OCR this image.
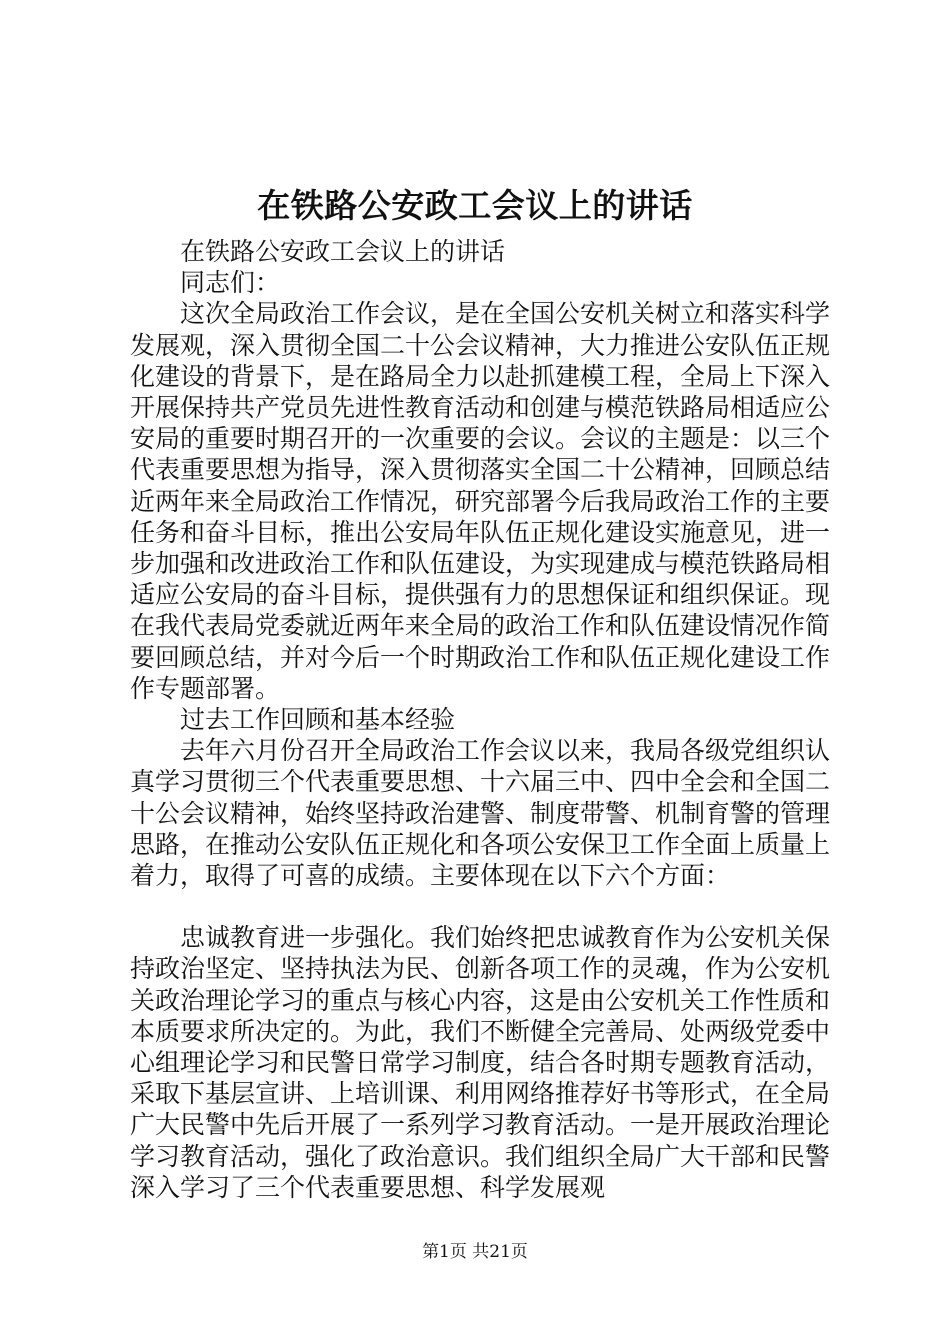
在铁路公安政工会议上的讲话

在铁路公安政工会议上的讲话

同志们：

这次全局政治工作会议，是在全国公安机关树立和落实科学发展观，深入贯彻全国二十公会议精神，大力推进公安队伍正规化建设的背景下，是在路局全力以赴抓建模工程，全局上下深入开展保持共产党员先进性教育活动和创建与模范铁路局相适应公安局的重要时期召开的一次重要的会议。会议的主题是：以三个代表重要思想为指导，深入贯彻落实全国二十公精神，回顾总结近两年来全局政治工作情况，研究部署今后我局政治工作的主要任务和奋斗目标，推出公安局年队伍正规化建设实施意见，进一步加强和改进政治工作和队伍建设，为实现建成与模范铁路局相适应公安局的奋斗目标，提供强有力的思想保证和组织保证。现在我代表局党委就近两年来全局的政治工作和队伍建设情况作简要回顾总结，并对今后一个时期政治工作和队伍正规化建设工作作专题部署。

过去工作回顾和基本经验

去年六月份召开全局政治工作会议以来，我局各级党组织认真学习贯彻三个代表重要思想、十六届三中、四中全会和全国二十公会议精神，始终坚持政治建警、制度带警、机制育警的管理思路，在推动公安队伍正规化和各项公安保卫工作全面上质量上着力，取得了可喜的成绩。主要体现在以下六个方面：

忠诚教育进一步强化。我们始终把忠诚教育作为公安机关保持政治坚定、坚持执法为民、创新各项工作的灵魂，作为公安机关政治理论学习的重点与核心内容，这是由公安机关工作性质和本质要求所决定的。为此，我们不断健全完善局、处两级党委中心组理论学习和民警日常学习制度，结合各时期专题教育活动，采取下基层宣讲、上培训课、利用网络推荐好书等形式，在全局广大民警中先后开展了一系列学习教育活动。一是开展政治理论学习教育活动，强化了政治意识。我们组织全局广大干部和民警深入学习了三个代表重要思想、科学发展观

第1页 共21页
